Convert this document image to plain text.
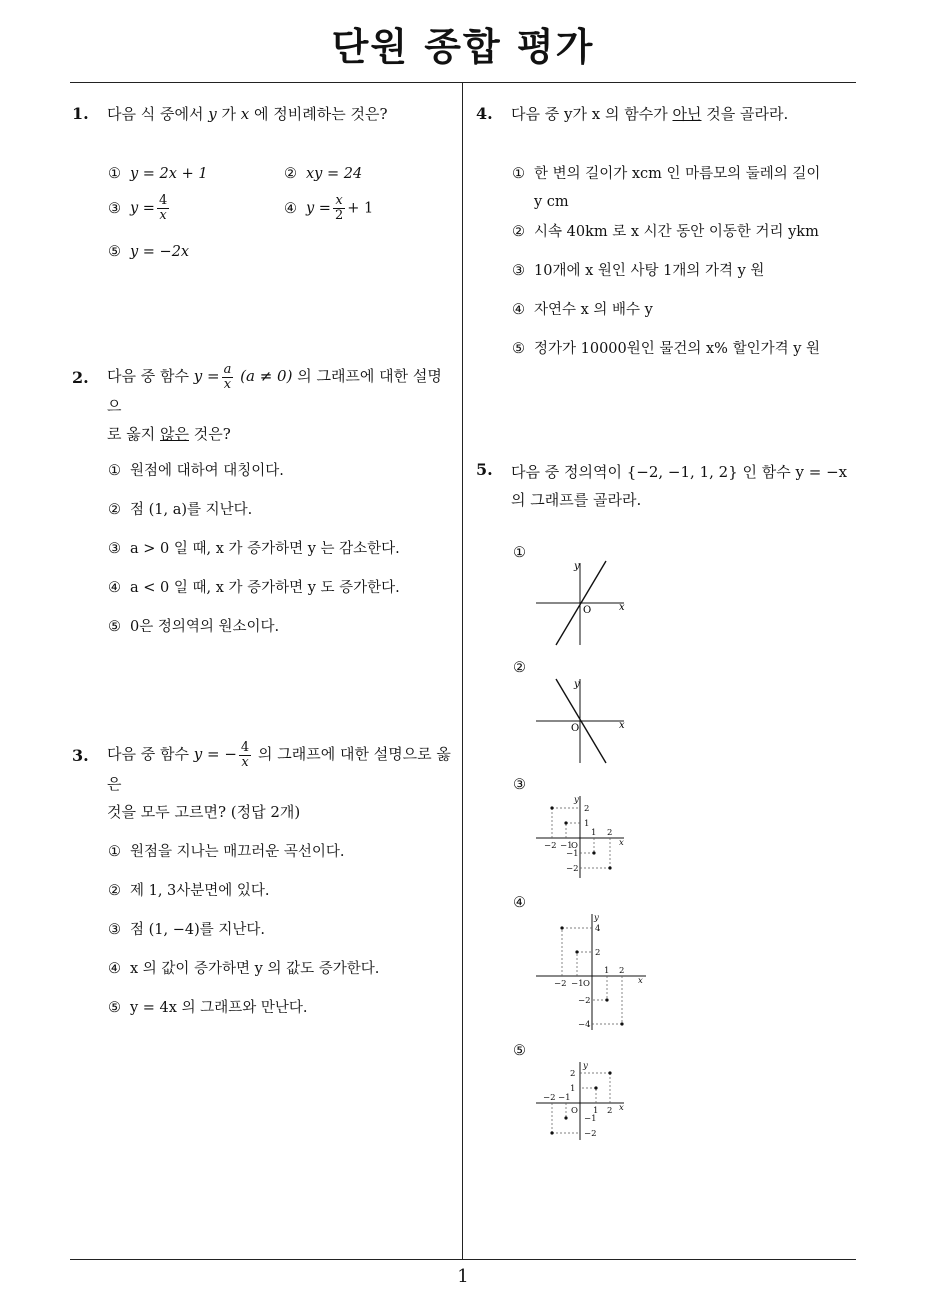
단원 종합 평가
1
1. 다음 식 중에서 y 가 x 에 정비례하는 것은?
① y = 2x + 1	② xy = 24
③ $y = \frac{4}{x}$	④ $y = \frac{x}{2} + 1$
⑤ y = −2x
2. 다음 중 함수 $y = \frac{a}{x} (a \ne 0)$ 의 그래프에 대한 설명으
로 옳지 않은 것은?
① 원점에 대하여 대칭이다.
② 점 (1, a)를 지난다.
③ a > 0 일 때, x 가 증가하면 y 는 감소한다.
④ a < 0 일 때, x 가 증가하면 y 도 증가한다.
⑤ 0은 정의역의 원소이다.
3. 다음 중 함수 y = − $\frac{4}{x}$ 의 그래프에 대한 설명으로 옳은
것을 모두 고르면? (정답 2개)
① 원점을 지나는 매끄러운 곡선이다.
② 제 1, 3사분면에 있다.
③ 점 (1, −4)를 지난다.
④ x 의 값이 증가하면 y 의 값도 증가한다.
⑤ y = 4x 의 그래프와 만난다.
4. 다음 중 y가 x 의 함수가 아닌 것을 골라라.
① 한 변의 길이가 xcm 인 마름모의 둘레의 길이
y cm
② 시속 40km 로 x 시간 동안 이동한 거리 ykm
③ 10개에 x 원인 사탕 1개의 가격 y 원
④ 자연수 x 의 배수 y
⑤ 정가가 10000원인 물건의 x% 할인가격 y 원
5. 다음 중 정의역이 {−2, −1, 1, 2} 인 함수 y = −x
의 그래프를 골라라.
①
②
③
④
⑤
y
x
O
y
x
O
−2 −1
1 2
2
1
−1
−2
O
y
x
−2 −1
1 2
4
2
−2
−4
O
y
x
−2 −1
1 2
2
1
−1
−2
O
y
x
